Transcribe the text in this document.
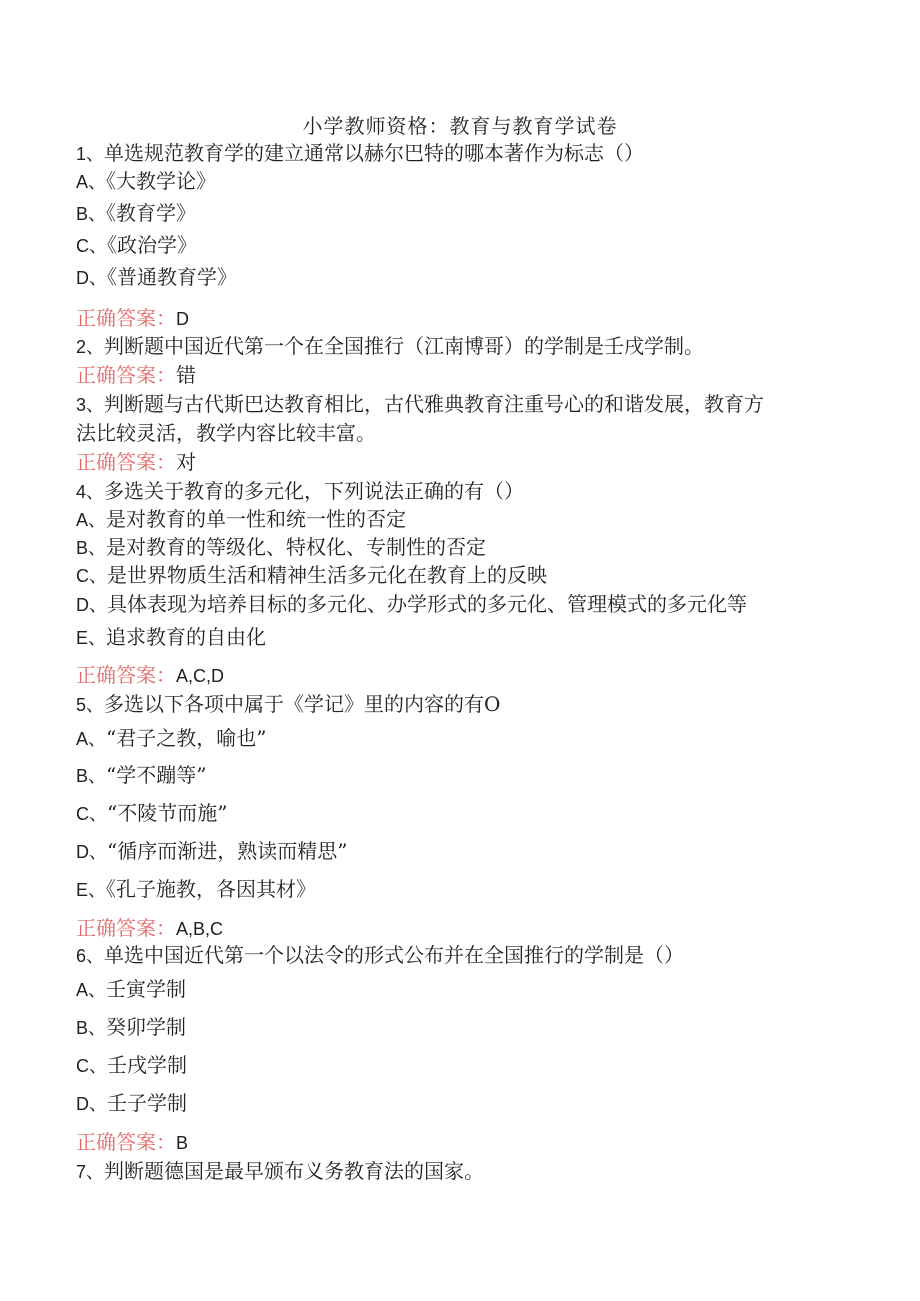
小学教师资格：教育与教育学试卷
1、单选规范教育学的建立通常以赫尔巴特的哪本著作为标志（）
A、《大教学论》
B、《教育学》
C、《政治学》
D、《普通教育学》
正确答案：D
2、判断题中国近代第一个在全国推行（江南博哥）的学制是壬戌学制。
正确答案：错
3、判断题与古代斯巴达教育相比，古代雅典教育注重号心的和谐发展，教育方
法比较灵活，教学内容比较丰富。
正确答案：对
4、多选关于教育的多元化，下列说法正确的有（）
A、是对教育的单一性和统一性的否定
B、是对教育的等级化、特权化、专制性的否定
C、是世界物质生活和精神生活多元化在教育上的反映
D、具体表现为培养目标的多元化、办学形式的多元化、管理模式的多元化等
E、追求教育的自由化
正确答案：A,C,D
5、多选以下各项中属于《学记》里的内容的有O
A、“君子之教，喻也”
B、“学不蹦等”
C、“不陵节而施”
D、“循序而渐进，熟读而精思”
E、《孔子施教，各因其材》
正确答案：A,B,C
6、单选中国近代第一个以法令的形式公布并在全国推行的学制是（）
A、壬寅学制
B、癸卯学制
C、壬戌学制
D、壬子学制
正确答案：B
7、判断题德国是最早颁布义务教育法的国家。
